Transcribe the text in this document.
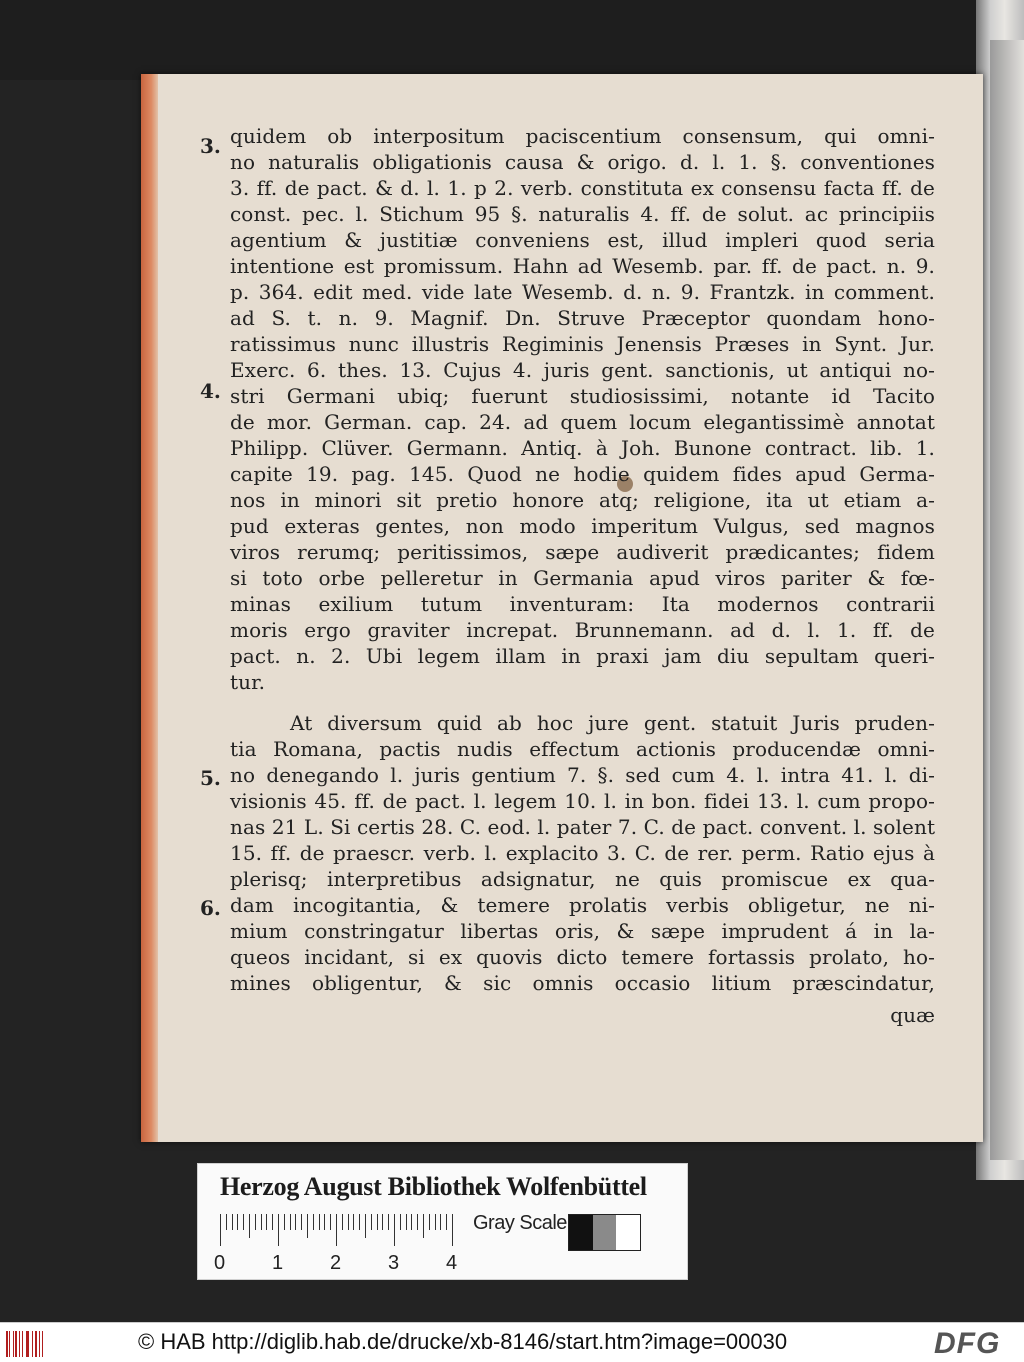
3.
4.
5.
6.
quidem ob interpositum paciscentium consensum, qui omni-
no naturalis obligationis causa & origo. d. l. 1. §. conventiones
3. ff. de pact. & d. l. 1. p 2. verb. constituta ex consensu facta ff. de
const. pec. l. Stichum 95 §. naturalis 4. ff. de solut. ac principiis
agentium & justitiæ conveniens est, illud impleri quod seria
intentione est promissum. Hahn ad Wesemb. par. ff. de pact. n. 9.
p. 364. edit med. vide late Wesemb. d. n. 9. Frantzk. in comment.
ad S. t. n. 9. Magnif. Dn. Struve Præceptor quondam hono-
ratissimus nunc illustris Regiminis Jenensis Præses in Synt. Jur.
Exerc. 6. thes. 13. Cujus 4. juris gent. sanctionis, ut antiqui no-
stri Germani ubiq; fuerunt studiosissimi, notante id Tacito
de mor. German. cap. 24. ad quem locum elegantissimè annotat
Philipp. Clüver. Germann. Antiq. à Joh. Bunone contract. lib. 1.
capite 19. pag. 145. Quod ne hodie quidem fides apud Germa-
nos in minori sit pretio honore atq; religione, ita ut etiam a-
pud exteras gentes, non modo imperitum Vulgus, sed magnos
viros rerumq; peritissimos, sæpe audiverit prædicantes; fidem
si toto orbe pelleretur in Germania apud viros pariter & fœ-
minas exilium tutum inventuram: Ita modernos contrarii
moris ergo graviter increpat. Brunnemann. ad d. l. 1. ff. de
pact. n. 2. Ubi legem illam in praxi jam diu sepultam queri-
tur.
At diversum quid ab hoc jure gent. statuit Juris pruden-
tia Romana, pactis nudis effectum actionis producendæ omni-
no denegando l. juris gentium 7. §. sed cum 4. l. intra 41. l. di-
visionis 45. ff. de pact. l. legem 10. l. in bon. fidei 13. l. cum propo-
nas 21 L. Si certis 28. C. eod. l. pater 7. C. de pact. convent. l. solent
15. ff. de praescr. verb. l. explacito 3. C. de rer. perm. Ratio ejus à
plerisq; interpretibus adsignatur, ne quis promiscue ex qua-
dam incogitantia, & temere prolatis verbis obligetur, ne ni-
mium constringatur libertas oris, & sæpe imprudent á in la-
queos incidant, si ex quovis dicto temere fortassis prolato, ho-
mines obligentur, & sic omnis occasio litium præscindatur,
quæ
Herzog August Bibliothek Wolfenbüttel
0 1 2 3 4
Gray Scale
© HAB http://diglib.hab.de/drucke/xb-8146/start.htm?image=00030	DFG
